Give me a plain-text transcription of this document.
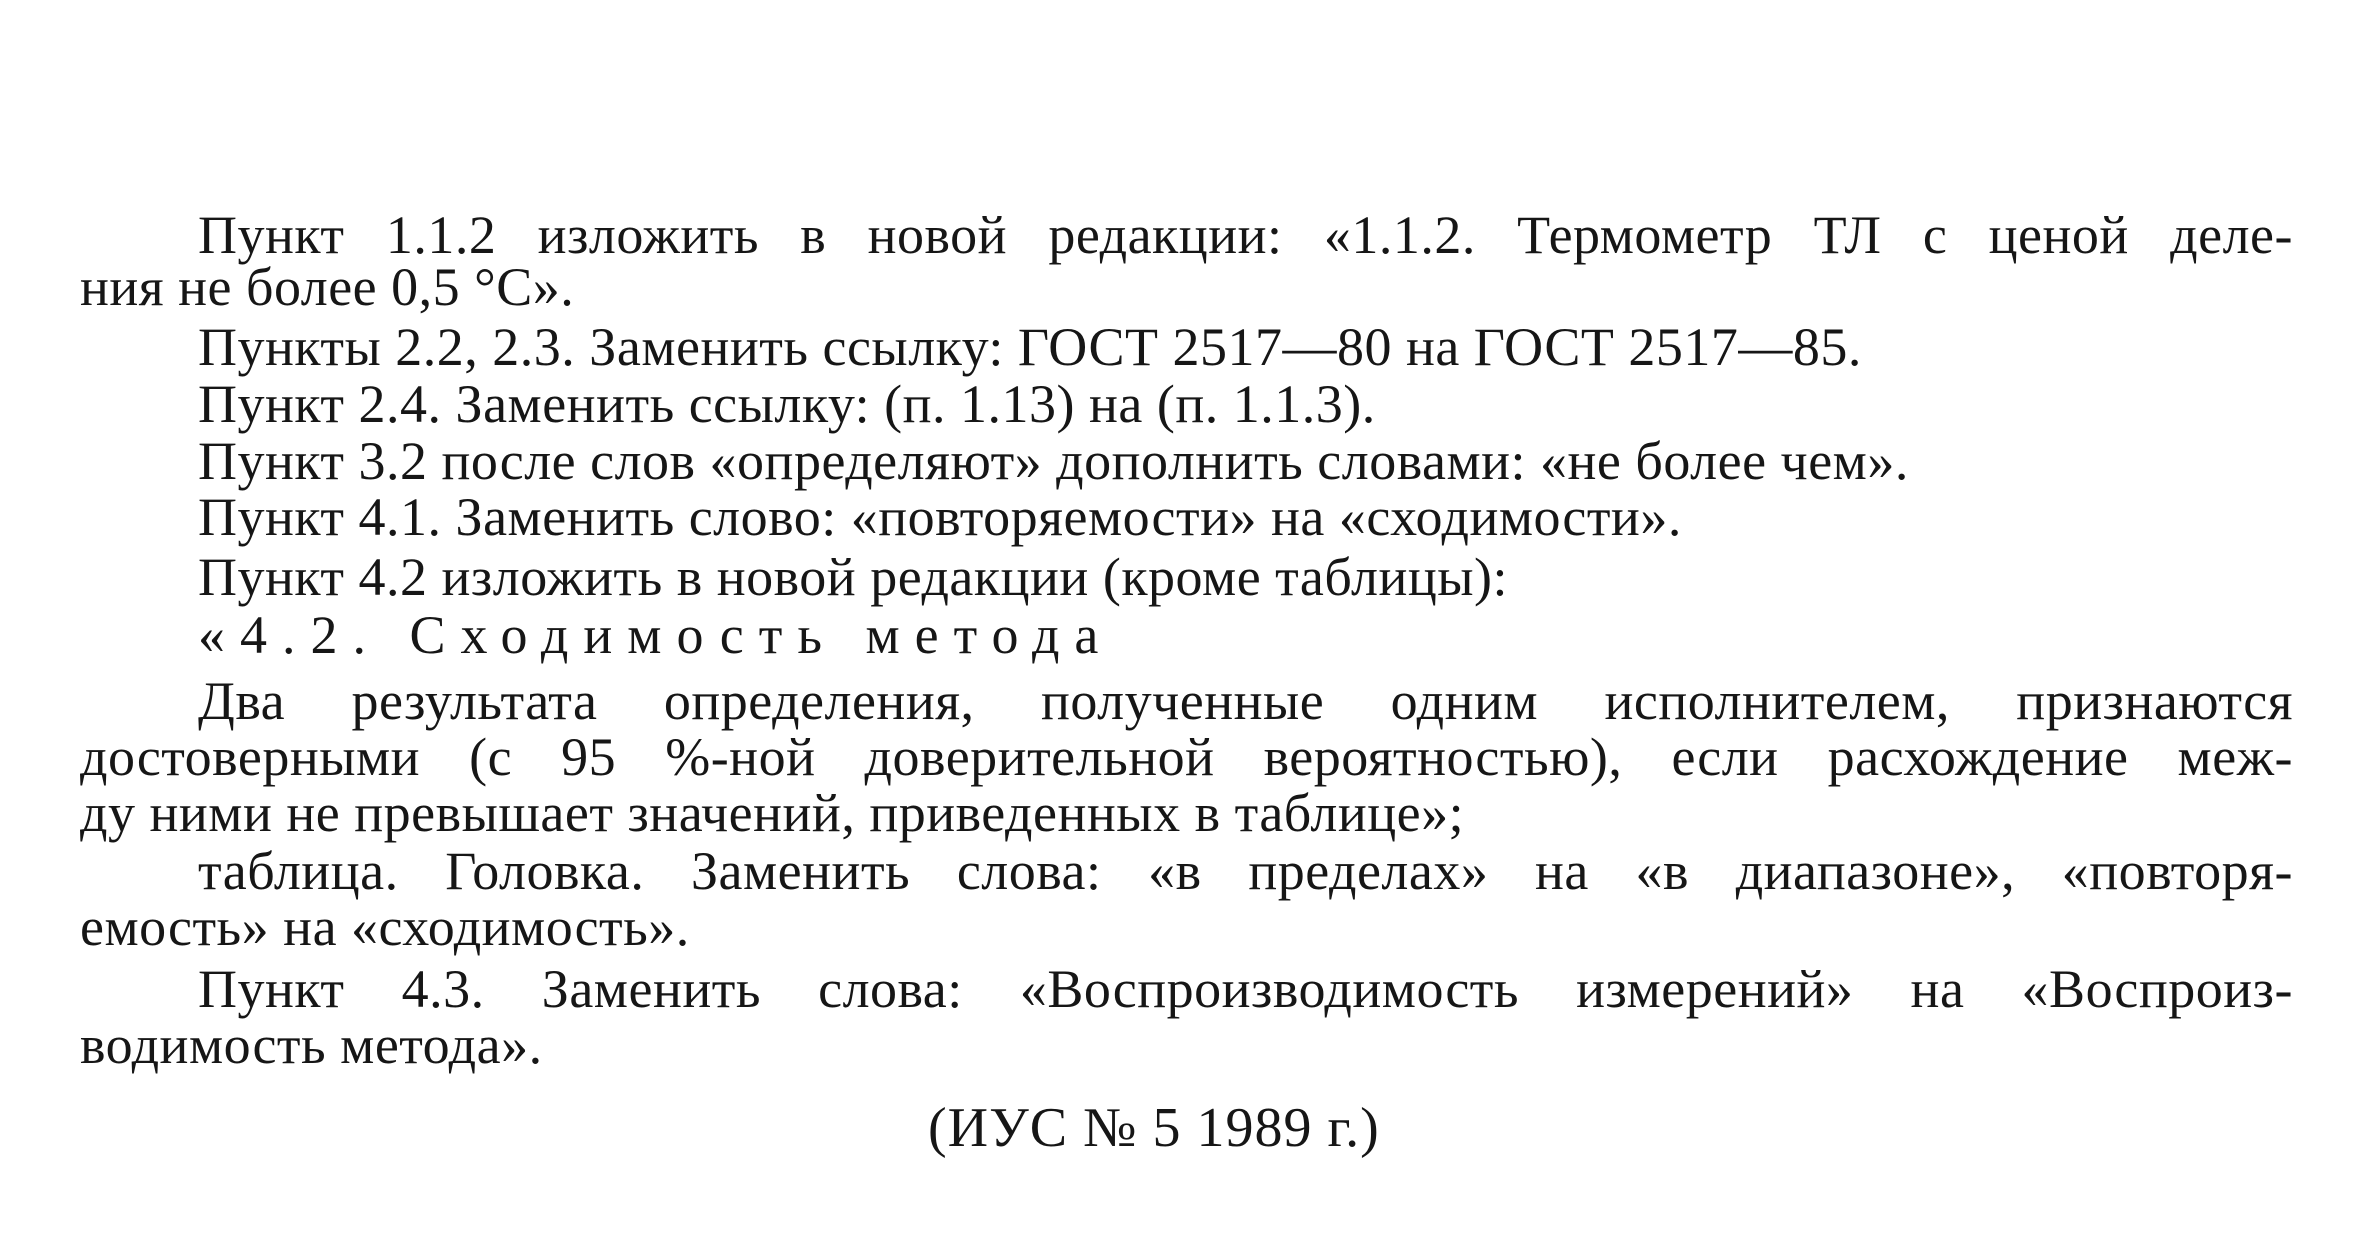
Пункт 1.1.2 изложить в новой редакции: «1.1.2. Термометр ТЛ с ценой деле-
ния не более 0,5 °С».
Пункты 2.2, 2.3. Заменить ссылку: ГОСТ 2517—80 на ГОСТ 2517—85.
Пункт 2.4. Заменить ссылку: (п. 1.13) на (п. 1.1.3).
Пункт 3.2 после слов «определяют» дополнить словами: «не более чем».
Пункт 4.1. Заменить слово: «повторяемости» на «сходимости».
Пункт 4.2 изложить в новой редакции (кроме таблицы):
«4.2. Сходимость метода
Два результата определения, полученные одним исполнителем, признаются
достоверными (с 95 %-ной доверительной вероятностью), если расхождение меж-
ду ними не превышает значений, приведенных в таблице»;
таблица. Головка. Заменить слова: «в пределах» на «в диапазоне», «повторя-
емость» на «сходимость».
Пункт 4.3. Заменить слова: «Воспроизводимость измерений» на «Воспроиз-
водимость метода».
(ИУС № 5 1989 г.)
